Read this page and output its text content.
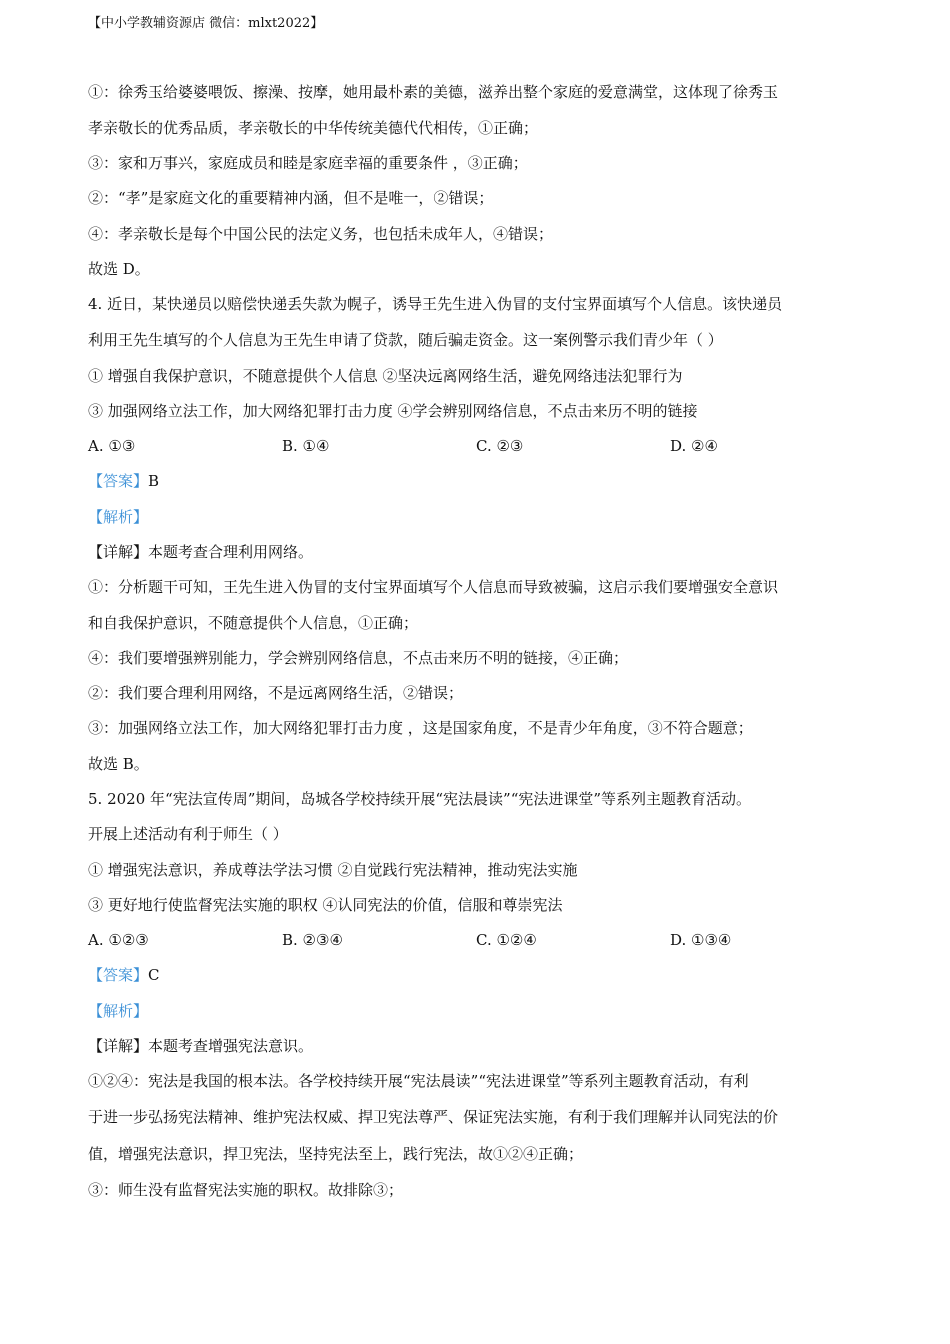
【中小学教辅资源店 微信：mlxt2022】
①：徐秀玉给婆婆喂饭、擦澡、按摩，她用最朴素的美德，滋养出整个家庭的爱意满堂，这体现了徐秀玉
孝亲敬长的优秀品质，孝亲敬长的中华传统美德代代相传，①正确；
③：家和万事兴，家庭成员和睦是家庭幸福的重要条件 ，③正确；
②：“孝”是家庭文化的重要精神内涵，但不是唯一，②错误；
④：孝亲敬长是每个中国公民的法定义务，也包括未成年人，④错误；
故选 D。
4. 近日，某快递员以赔偿快递丢失款为幌子，诱导王先生进入伪冒的支付宝界面填写个人信息。该快递员
利用王先生填写的个人信息为王先生申请了贷款，随后骗走资金。这一案例警示我们青少年（ ）
① 增强自我保护意识，不随意提供个人信息 ②坚决远离网络生活，避免网络违法犯罪行为
③ 加强网络立法工作，加大网络犯罪打击力度 ④学会辨别网络信息，不点击来历不明的链接
A. ①③	B. ①④	C. ②③	D. ②④
【答案】B
【解析】
【详解】本题考查合理利用网络。
①：分析题干可知，王先生进入伪冒的支付宝界面填写个人信息而导致被骗，这启示我们要增强安全意识
和自我保护意识，不随意提供个人信息，①正确；
④：我们要增强辨别能力，学会辨别网络信息，不点击来历不明的链接，④正确；
②：我们要合理利用网络，不是远离网络生活，②错误；
③：加强网络立法工作，加大网络犯罪打击力度 ，这是国家角度，不是青少年角度，③不符合题意；
故选 B。
5. 2020 年“宪法宣传周”期间，岛城各学校持续开展“宪法晨读”“宪法进课堂”等系列主题教育活动。
开展上述活动有利于师生（ ）
① 增强宪法意识，养成尊法学法习惯 ②自觉践行宪法精神，推动宪法实施
③ 更好地行使监督宪法实施的职权 ④认同宪法的价值，信服和尊崇宪法
A. ①②③	B. ②③④	C. ①②④	D. ①③④
【答案】C
【解析】
【详解】本题考查增强宪法意识。
①②④：宪法是我国的根本法。各学校持续开展“宪法晨读”“宪法进课堂”等系列主题教育活动，有利
于进一步弘扬宪法精神、维护宪法权威、捍卫宪法尊严、保证宪法实施，有利于我们理解并认同宪法的价
值，增强宪法意识，捍卫宪法，坚持宪法至上，践行宪法，故①②④正确；
③：师生没有监督宪法实施的职权。故排除③；
